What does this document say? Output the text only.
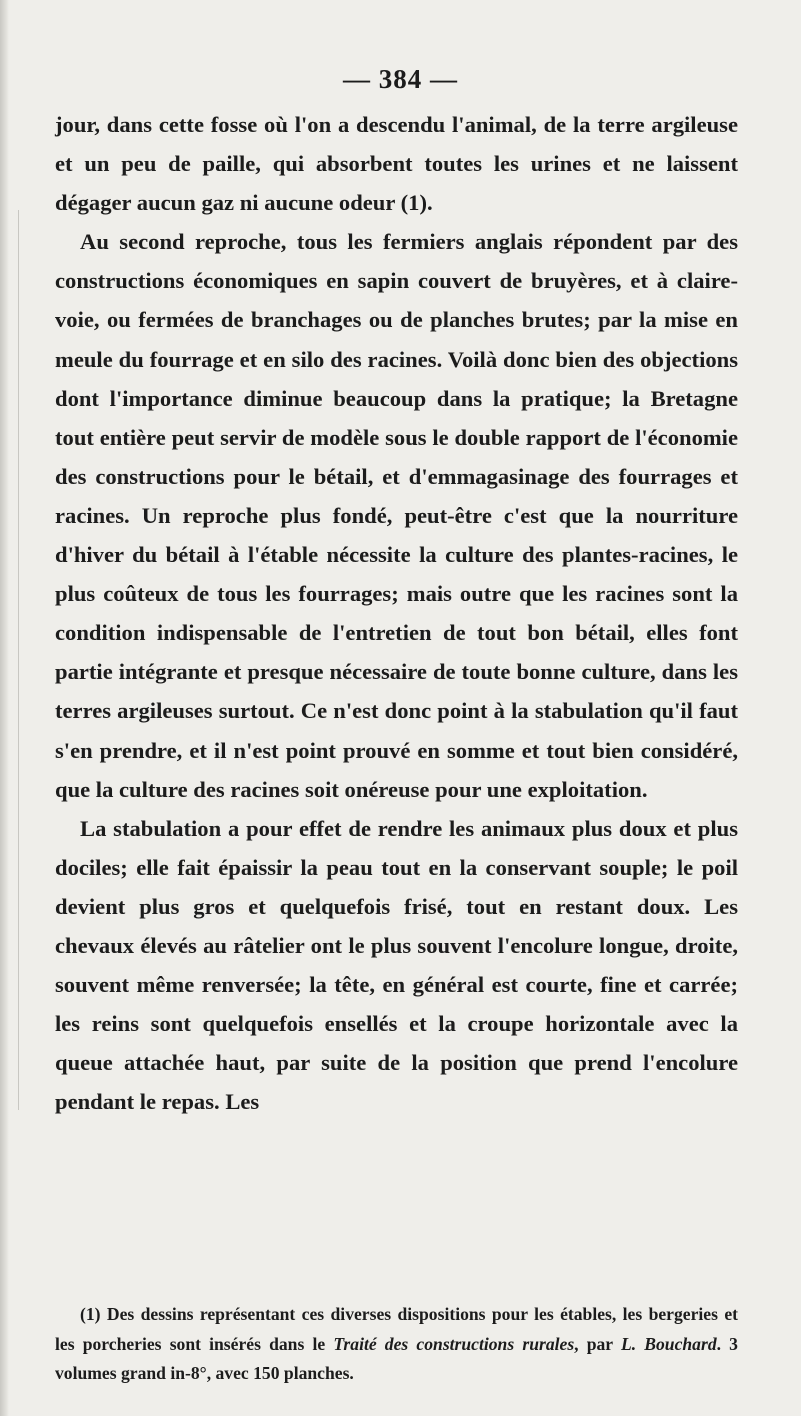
— 384 —

jour, dans cette fosse où l'on a descendu l'animal, de la terre argileuse et un peu de paille, qui absorbent toutes les urines et ne laissent dégager aucun gaz ni aucune odeur (1).

Au second reproche, tous les fermiers anglais répondent par des constructions économiques en sapin couvert de bruyères, et à claire-voie, ou fermées de branchages ou de planches brutes; par la mise en meule du fourrage et en silo des racines. Voilà donc bien des objections dont l'importance diminue beaucoup dans la pratique; la Bretagne tout entière peut servir de modèle sous le double rapport de l'économie des constructions pour le bétail, et d'emmagasinage des fourrages et racines. Un reproche plus fondé, peut-être c'est que la nourriture d'hiver du bétail à l'étable nécessite la culture des plantes-racines, le plus coûteux de tous les fourrages; mais outre que les racines sont la condition indispensable de l'entretien de tout bon bétail, elles font partie intégrante et presque nécessaire de toute bonne culture, dans les terres argileuses surtout. Ce n'est donc point à la stabulation qu'il faut s'en prendre, et il n'est point prouvé en somme et tout bien considéré, que la culture des racines soit onéreuse pour une exploitation.

La stabulation a pour effet de rendre les animaux plus doux et plus dociles; elle fait épaissir la peau tout en la conservant souple; le poil devient plus gros et quelquefois frisé, tout en restant doux. Les chevaux élevés au râtelier ont le plus souvent l'encolure longue, droite, souvent même renversée; la tête, en général est courte, fine et carrée; les reins sont quelquefois ensellés et la croupe horizontale avec la queue attachée haut, par suite de la position que prend l'encolure pendant le repas. Les

(1) Des dessins représentant ces diverses dispositions pour les étables, les bergeries et les porcheries sont insérés dans le Traité des constructions rurales, par L. Bouchard. 3 volumes grand in-8°, avec 150 planches.
